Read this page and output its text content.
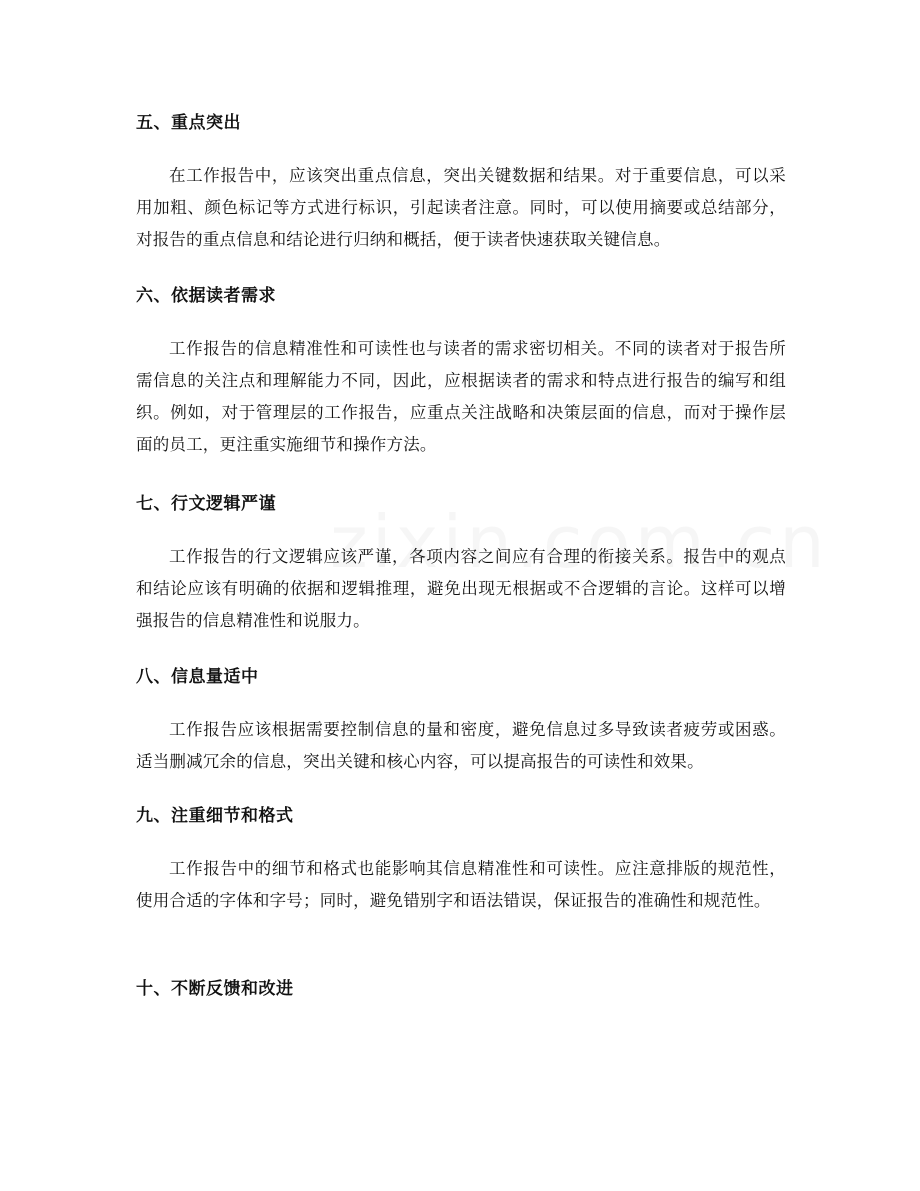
五、重点突出

在工作报告中，应该突出重点信息，突出关键数据和结果。对于重要信息，可以采用加粗、颜色标记等方式进行标识，引起读者注意。同时，可以使用摘要或总结部分，对报告的重点信息和结论进行归纳和概括，便于读者快速获取关键信息。

六、依据读者需求

工作报告的信息精准性和可读性也与读者的需求密切相关。不同的读者对于报告所需信息的关注点和理解能力不同，因此，应根据读者的需求和特点进行报告的编写和组织。例如，对于管理层的工作报告，应重点关注战略和决策层面的信息，而对于操作层面的员工，更注重实施细节和操作方法。

七、行文逻辑严谨

工作报告的行文逻辑应该严谨，各项内容之间应有合理的衔接关系。报告中的观点和结论应该有明确的依据和逻辑推理，避免出现无根据或不合逻辑的言论。这样可以增强报告的信息精准性和说服力。

八、信息量适中

工作报告应该根据需要控制信息的量和密度，避免信息过多导致读者疲劳或困惑。适当删减冗余的信息，突出关键和核心内容，可以提高报告的可读性和效果。

九、注重细节和格式

工作报告中的细节和格式也能影响其信息精准性和可读性。应注意排版的规范性，使用合适的字体和字号；同时，避免错别字和语法错误，保证报告的准确性和规范性。

十、不断反馈和改进
